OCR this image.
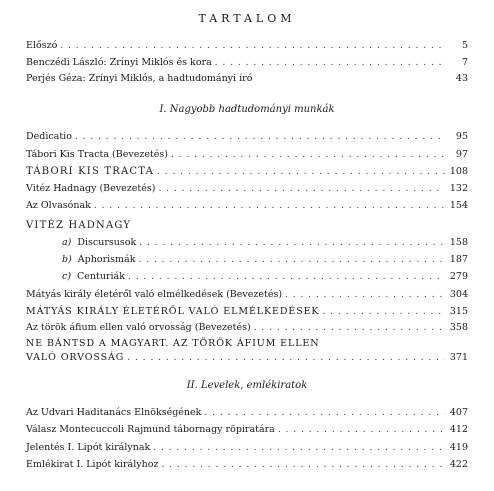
TARTALOM
Előszó . . .	5
Benczédi László: Zrínyi Miklós és kora . . .	7
Perjés Géza: Zrínyi Miklós, a hadtudományi író	43
I. Nagyobb hadtudományi munkák
Dedicatio . . .	95
Tábori Kis Tracta (Bevezetés) . . .	97
TÁBORI KIS TRACTA . . .	108
Vitéz Hadnagy (Bevezetés) . . .	132
Az Olvasónak . . .	154
VITÉZ HADNAGY
a) Discursusok . . .	158
b) Aphorismák . . .	187
c) Centuriák . . .	279
Mátyás király életéről való elmélkedések (Bevezetés) . . .	304
MÁTYÁS KIRÁLY ÉLETÉRŐL VALÓ ELMÉLKEDÉSEK . . .	315
Az török áfium ellen való orvosság (Bevezetés) . . .	358
NE BÁNTSD A MAGYART. AZ TÖRÖK ÁFIUM ELLEN
VALÓ ORVOSSÁG . . .	371
II. Levelek, emlékiratok
Az Udvari Haditanács Elnökségének . . .	407
Válasz Montecuccoli Rajmund tábornagy röpiratára . . .	412
Jelentés I. Lipót királynak . . .	419
Emlékirat I. Lipót királyhoz . . .	422
